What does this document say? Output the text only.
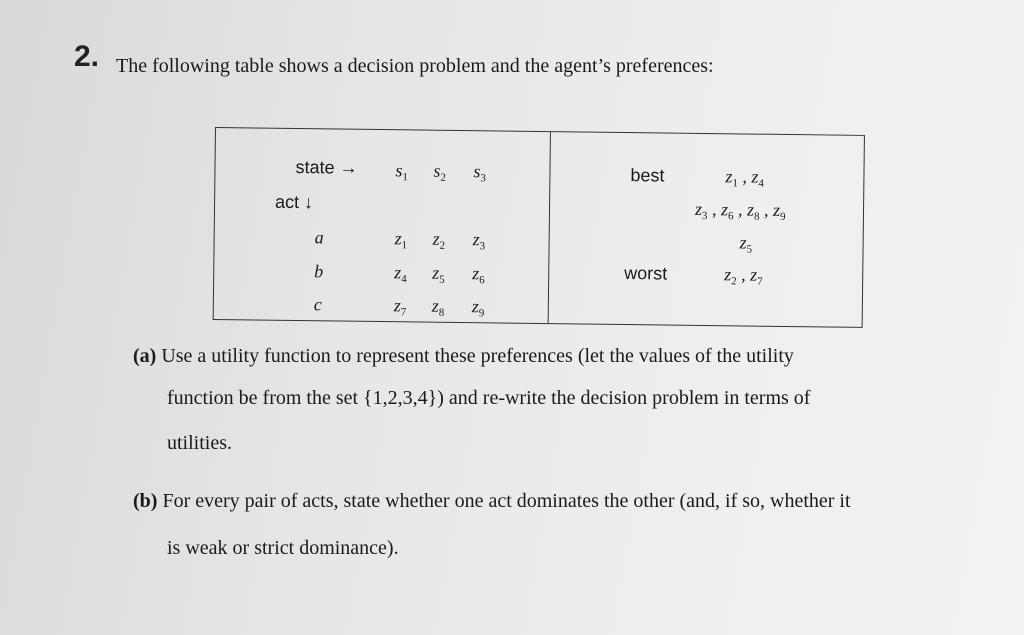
2. The following table shows a decision problem and the agent’s preferences:
state →
act ↓
$s_1$ $s_2$ $s_3$
a
b
c
$z_1$ $z_2$ $z_3$
$z_4$ $z_5$ $z_6$
$z_7$ $z_8$ $z_9$
best
worst
$z_1$ , $z_4$
$z_3$ , $z_6$ , $z_8$ , $z_9$
$z_5$
$z_2$ , $z_7$
(a) Use a utility function to represent these preferences (let the values of the utility
function be from the set {1,2,3,4}) and re-write the decision problem in terms of
utilities.
(b) For every pair of acts, state whether one act dominates the other (and, if so, whether it
is weak or strict dominance).
